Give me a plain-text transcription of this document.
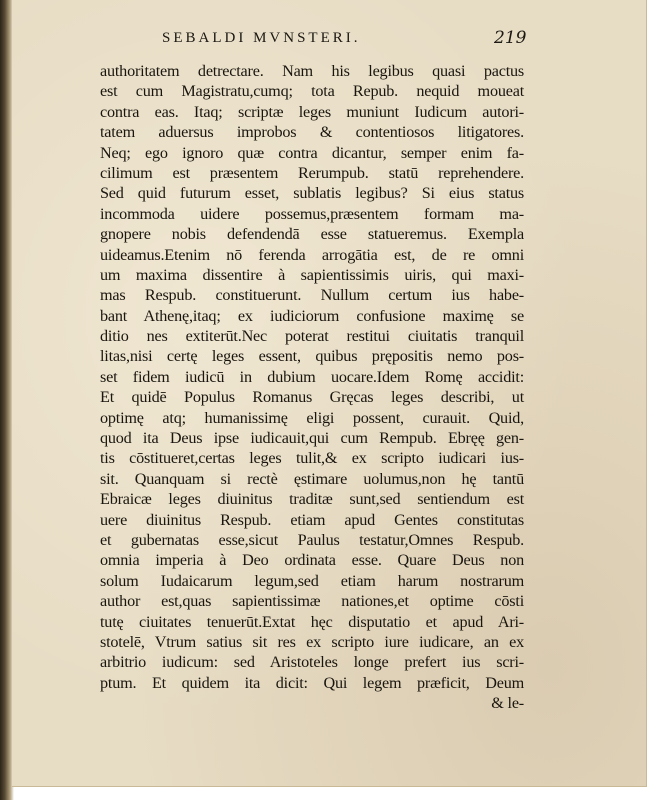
SEBALDI MVNSTERI.	219
authoritatem detrectare. Nam his legibus quasi pactus
est cum Magistratu,cumq; tota Repub. nequid moueat
contra eas. Itaq; scriptæ leges muniunt Iudicum autori-
tatem aduersus improbos & contentiosos litigatores.
Neq; ego ignoro quæ contra dicantur, semper enim fa-
cilimum est præsentem Rerumpub. statū reprehendere.
Sed quid futurum esset, sublatis legibus? Si eius status
incommoda uidere possemus,præsentem formam ma-
gnopere nobis defendendā esse statueremus. Exempla
uideamus.Etenim nō ferenda arrogātia est, de re omni
um maxima dissentire à sapientissimis uiris, qui maxi-
mas Respub. constituerunt. Nullum certum ius habe-
bant Athenę,itaq; ex iudiciorum confusione maximę se
ditio nes extiterūt.Nec poterat restitui ciuitatis tranquil
litas,nisi certę leges essent, quibus prępositis nemo pos-
set fidem iudicū in dubium uocare.Idem Romę accidit:
Et quidē Populus Romanus Gręcas leges describi, ut
optimę atq; humanissimę eligi possent, curauit. Quid,
quod ita Deus ipse iudicauit,qui cum Rempub. Ebręę gen-
tis cōstitueret,certas leges tulit,& ex scripto iudicari ius-
sit. Quanquam si rectè ęstimare uolumus,non hę tantū
Ebraicæ leges diuinitus traditæ sunt,sed sentiendum est
uere diuinitus Respub. etiam apud Gentes constitutas
et gubernatas esse,sicut Paulus testatur,Omnes Respub.
omnia imperia à Deo ordinata esse. Quare Deus non
solum Iudaicarum legum,sed etiam harum nostrarum
author est,quas sapientissimæ nationes,et optime cōsti
tutę ciuitates tenuerūt.Extat hęc disputatio et apud Ari-
stotelē, Vtrum satius sit res ex scripto iure iudicare, an ex
arbitrio iudicum: sed Aristoteles longe prefert ius scri-
ptum. Et quidem ita dicit: Qui legem præficit, Deum
& le-
